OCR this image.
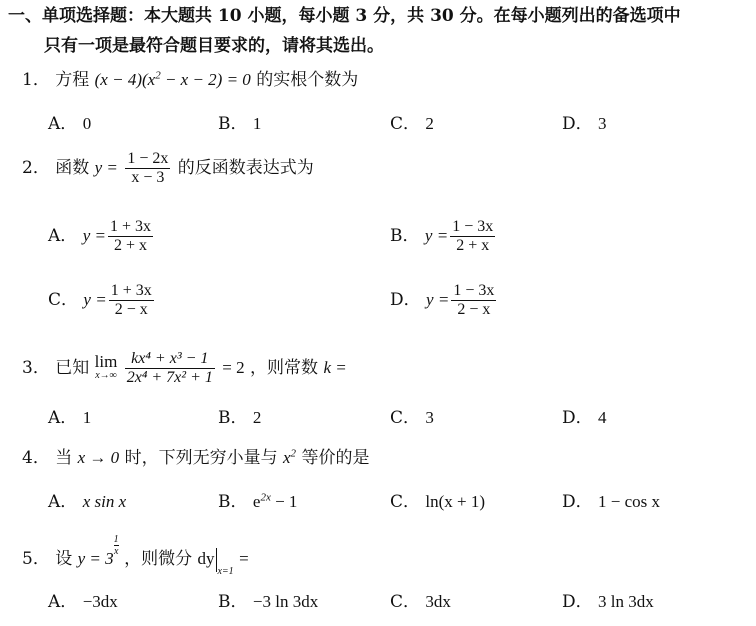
一、单项选择题：本大题共 10 小题，每小题 3 分，共 30 分。在每小题列出的备选项中
只有一项是最符合题目要求的，请将其选出。
1． 方程 $(x - 4)(x^2 - x - 2) = 0$ 的实根个数为
A． 0	B． 1	C． 2	D． 3
2． 函数 $y = \frac{1 - 2x}{x - 3}$ 的反函数表达式为
A． $y = \frac{1 + 3x}{2 + x}$	B． $y = \frac{1 - 3x}{2 + x}$
C． $y = \frac{1 + 3x}{2 - x}$	D． $y = \frac{1 - 3x}{2 - x}$
3． 已知 lim
x→∞
$\frac{\text{kx⁴ + x³ − 1}}{\text{2x⁴ + 7x² + 1}} = 2$ ，则常数 k =
A． 1	B． 2	C． 3	D． 4
4． 当 x → 0 时，下列无穷小量与 $x^2$ 等价的是
A． x sin x	B． $e^{2x} - 1$	C． ln(x + 1)	D． 1 − cos x
5． 设 y = 3
$\frac{1}{x}$
，则微分 $dy_{x=1}$ =
A． −3dx	B． −3 ln 3dx	C． 3dx	D． 3 ln 3dx
